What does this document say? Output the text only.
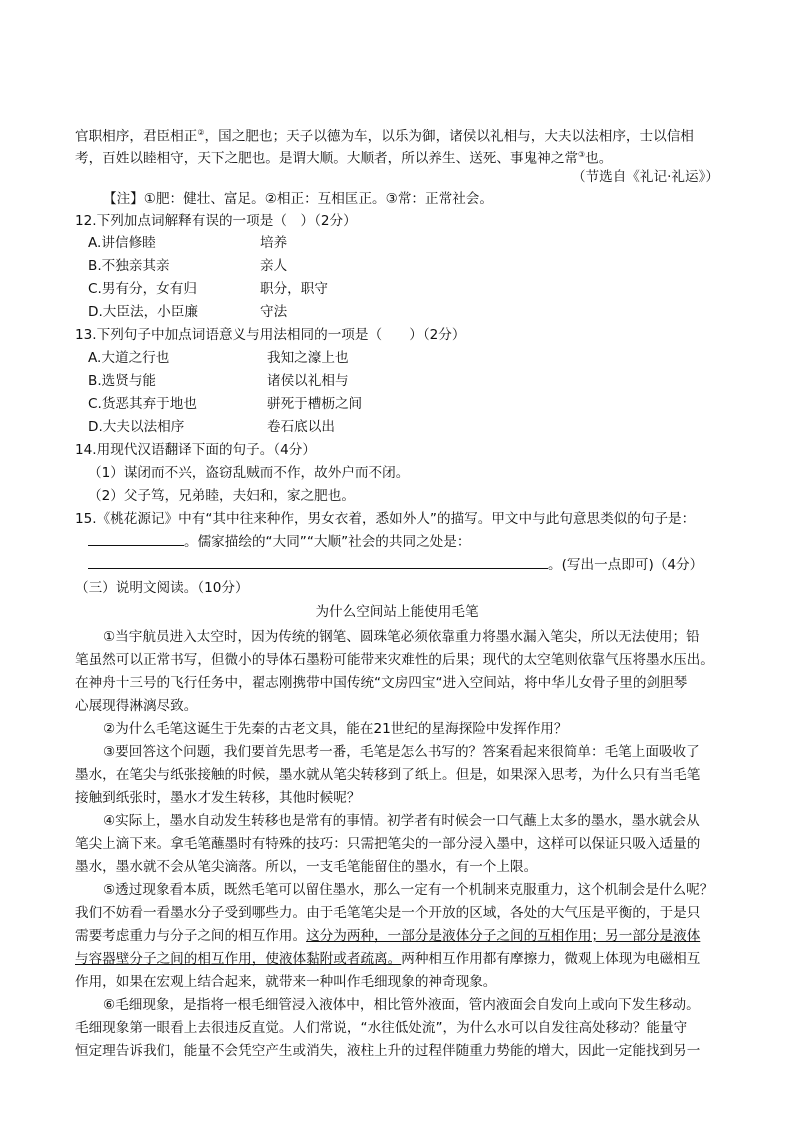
官职相序，君臣相正②，国之肥也；天子以德为车，以乐为御，诸侯以礼相与，大夫以法相序，士以信相
考，百姓以睦相守，天下之肥也。是谓大顺。大顺者，所以养生、送死、事鬼神之常③也。
（节选自《礼记·礼运》）
【注】①肥：健壮、富足。②相正：互相匡正。③常：正常社会。
12.下列加点词解释有误的一项是（　）（2分）
A.讲信修睦	培养
B.不独亲其亲	亲人
C.男有分，女有归	职分，职守
D.大臣法，小臣廉	守法
13.下列句子中加点词语意义与用法相同的一项是（　　）（2分）
A.大道之行也	我知之濠上也
B.选贤与能	诸侯以礼相与
C.货恶其弃于地也	骈死于槽枥之间
D.大夫以法相序	卷石底以出
14.用现代汉语翻译下面的句子。（4分）
（1）谋闭而不兴，盗窃乱贼而不作，故外户而不闭。
（2）父子笃，兄弟睦，夫妇和，家之肥也。
15.《桃花源记》中有“其中往来种作，男女衣着，悉如外人”的描写。甲文中与此句意思类似的句子是：
。儒家描绘的“大同”“大顺”社会的共同之处是：
。(写出一点即可)（4分）
（三）说明文阅读。（10分）
为什么空间站上能使用毛笔
①当宇航员进入太空时，因为传统的钢笔、圆珠笔必须依靠重力将墨水漏入笔尖，所以无法使用；铅
笔虽然可以正常书写，但微小的导体石墨粉可能带来灾难性的后果；现代的太空笔则依靠气压将墨水压出。
在神舟十三号的飞行任务中，翟志刚携带中国传统“文房四宝“进入空间站，将中华儿女骨子里的剑胆琴
心展现得淋漓尽致。
②为什么毛笔这诞生于先秦的古老文具，能在21世纪的星海探险中发挥作用？
③要回答这个问题，我们要首先思考一番，毛笔是怎么书写的？答案看起来很简单：毛笔上面吸收了
墨水，在笔尖与纸张接触的时候，墨水就从笔尖转移到了纸上。但是，如果深入思考，为什么只有当毛笔
接触到纸张时，墨水才发生转移，其他时候呢？
④实际上，墨水自动发生转移也是常有的事情。初学者有时候会一口气蘸上太多的墨水，墨水就会从
笔尖上滴下来。拿毛笔蘸墨时有特殊的技巧：只需把笔尖的一部分浸入墨中，这样可以保证只吸入适量的
墨水，墨水就不会从笔尖滴落。所以，一支毛笔能留住的墨水，有一个上限。
⑤透过现象看本质，既然毛笔可以留住墨水，那么一定有一个机制来克服重力，这个机制会是什么呢？
我们不妨看一看墨水分子受到哪些力。由于毛笔笔尖是一个开放的区域，各处的大气压是平衡的，于是只
需要考虑重力与分子之间的相互作用。这分为两种，一部分是液体分子之间的互相作用；另一部分是液体
与容器壁分子之间的相互作用，使液体黏附或者疏离。两种相互作用都有摩擦力，微观上体现为电磁相互
作用，如果在宏观上结合起来，就带来一种叫作毛细现象的神奇现象。
⑥毛细现象，是指将一根毛细管浸入液体中，相比管外液面，管内液面会自发向上或向下发生移动。
毛细现象第一眼看上去很违反直觉。人们常说，“水往低处流”，为什么水可以自发往高处移动？能量守
恒定理告诉我们，能量不会凭空产生或消失，液柱上升的过程伴随重力势能的增大，因此一定能找到另一
